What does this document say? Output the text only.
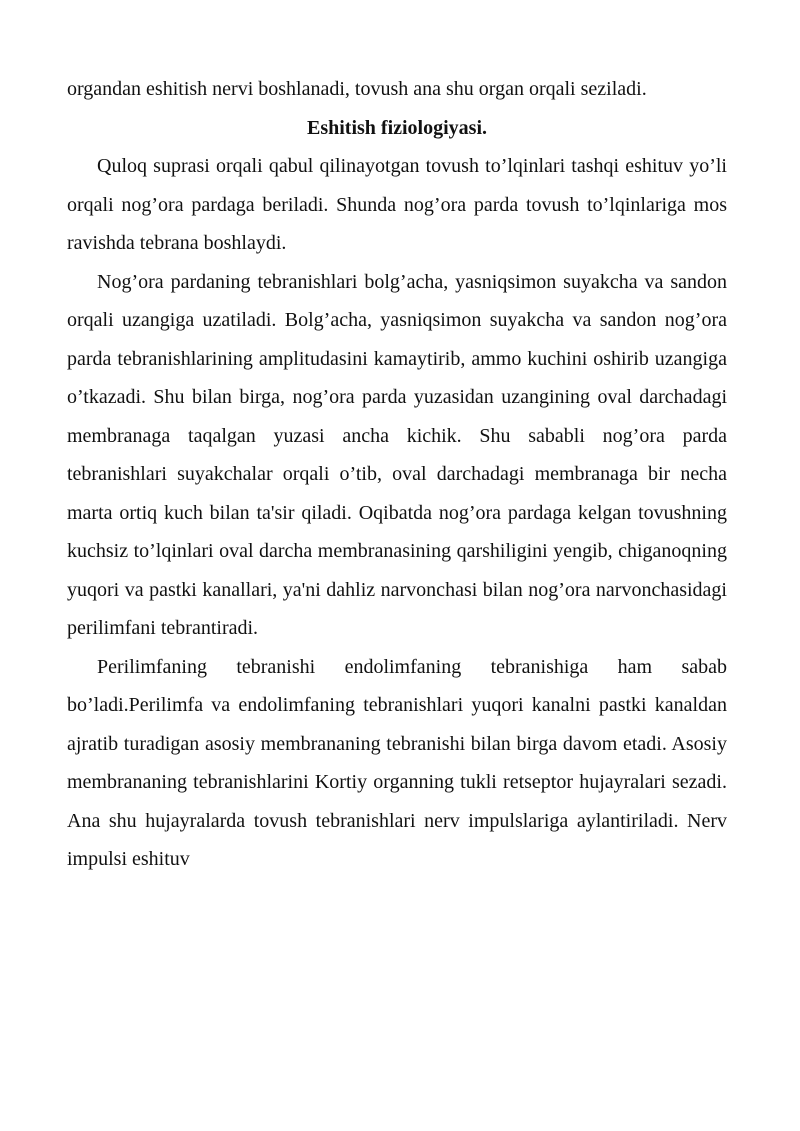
organdan eshitish nervi boshlanadi, tovush ana shu organ orqali seziladi.

Eshitish fiziologiyasi.

Quloq suprasi orqali qabul qilinayotgan tovush to’lqinlari tashqi eshituv yo’li orqali nog’ora pardaga beriladi. Shunda nog’ora parda tovush to’lqinlariga mos ravishda tebrana boshlaydi.

Nog’ora pardaning tebranishlari bolg’acha, yasniqsimon suyakcha va sandon orqali uzangiga uzatiladi. Bolg’acha, yasniqsimon suyakcha va sandon nog’ora parda tebranishlarining amplitudasini kamaytirib, ammo kuchini oshirib uzangiga o’tkazadi. Shu bilan birga, nog’ora parda yuzasidan uzangining oval darchadagi membranaga taqalgan yuzasi ancha kichik. Shu sababli nog’ora parda tebranishlari suyakchalar orqali o’tib, oval darchadagi membranaga bir necha marta ortiq kuch bilan ta'sir qiladi. Oqibatda nog’ora pardaga kelgan tovushning kuchsiz to’lqinlari oval darcha membranasining qarshiligini yengib, chiganoqning yuqori va pastki kanallari, ya'ni dahliz narvonchasi bilan nog’ora narvonchasidagi perilimfani tebrantiradi.

Perilimfaning tebranishi endolimfaning tebranishiga ham sabab bo’ladi.Perilimfa va endolimfaning tebranishlari yuqori kanalni pastki kanaldan ajratib turadigan asosiy membrananing tebranishi bilan birga davom etadi. Asosiy membrananing tebranishlarini Kortiy organning tukli retseptor hujayralari sezadi. Ana shu hujayralarda tovush tebranishlari nerv impulslariga aylantiriladi. Nerv impulsi eshituv
